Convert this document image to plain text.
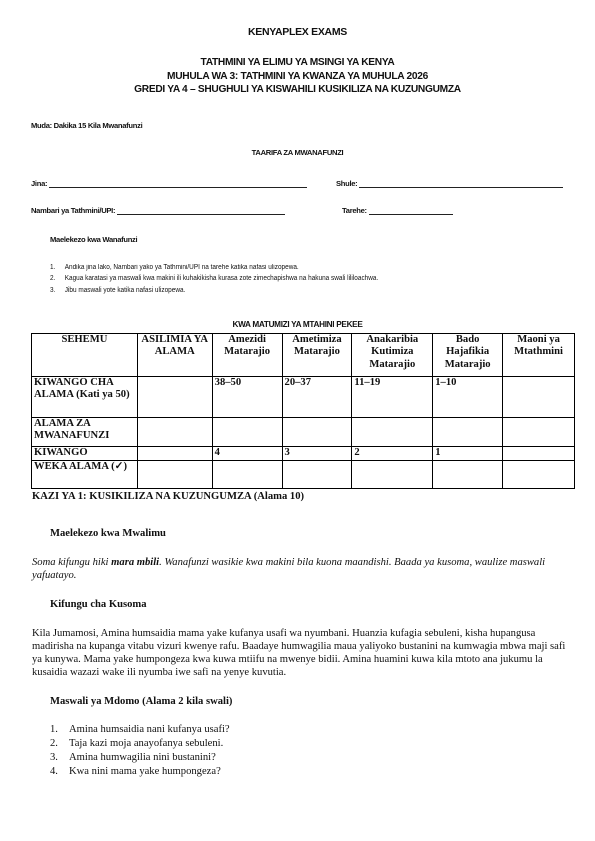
KENYAPLEX EXAMS
TATHMINI YA ELIMU YA MSINGI YA KENYA
MUHULA WA 3: TATHMINI YA KWANZA YA MUHULA 2026
GREDI YA 4 – SHUGHULI YA KISWAHILI KUSIKILIZA NA KUZUNGUMZA
Muda: Dakika 15 Kila Mwanafunzi
TAARIFA ZA MWANAFUNZI
Jina:	Shule:
Nambari ya Tathmini/UPI:	Tarehe:
Maelekezo kwa Wanafunzi
1. Andika jina lako, Nambari yako ya Tathmini/UPI na tarehe katika nafasi ulizopewa.
2. Kagua karatasi ya maswali kwa makini ili kuhakikisha kurasa zote zimechapishwa na hakuna swali lililoachwa.
3. Jibu maswali yote katika nafasi ulizopewa.
KWA MATUMIZI YA MTAHINI PEKEE
SEHEMU	ASILIMIA YA ALAMA	Amezidi Matarajio	Ametimiza Matarajio	Anakaribia Kutimiza Matarajio	Bado Hajafikia Matarajio	Maoni ya Mtathmini
KIWANGO CHA ALAMA (Kati ya 50)		38–50	20–37	11–19	1–10	
ALAMA ZA MWANAFUNZI						
KIWANGO		4	3	2	1	
WEKA ALAMA (✓)						
KAZI YA 1: KUSIKILIZA NA KUZUNGUMZA (Alama 10)
Maelekezo kwa Mwalimu
Soma kifungu hiki mara mbili. Wanafunzi wasikie kwa makini bila kuona maandishi. Baada ya kusoma, waulize maswali yafuatayo.
Kifungu cha Kusoma
Kila Jumamosi, Amina humsaidia mama yake kufanya usafi wa nyumbani. Huanzia kufagia sebuleni, kisha hupangusa madirisha na kupanga vitabu vizuri kwenye rafu. Baadaye humwagilia maua yaliyoko bustanini na kumwagia mbwa maji safi ya kunywa. Mama yake humpongeza kwa kuwa mtiifu na mwenye bidii. Amina huamini kuwa kila mtoto ana jukumu la kusaidia wazazi wake ili nyumba iwe safi na yenye kuvutia.
Maswali ya Mdomo (Alama 2 kila swali)
1. Amina humsaidia nani kufanya usafi?
2. Taja kazi moja anayofanya sebuleni.
3. Amina humwagilia nini bustanini?
4. Kwa nini mama yake humpongeza?
